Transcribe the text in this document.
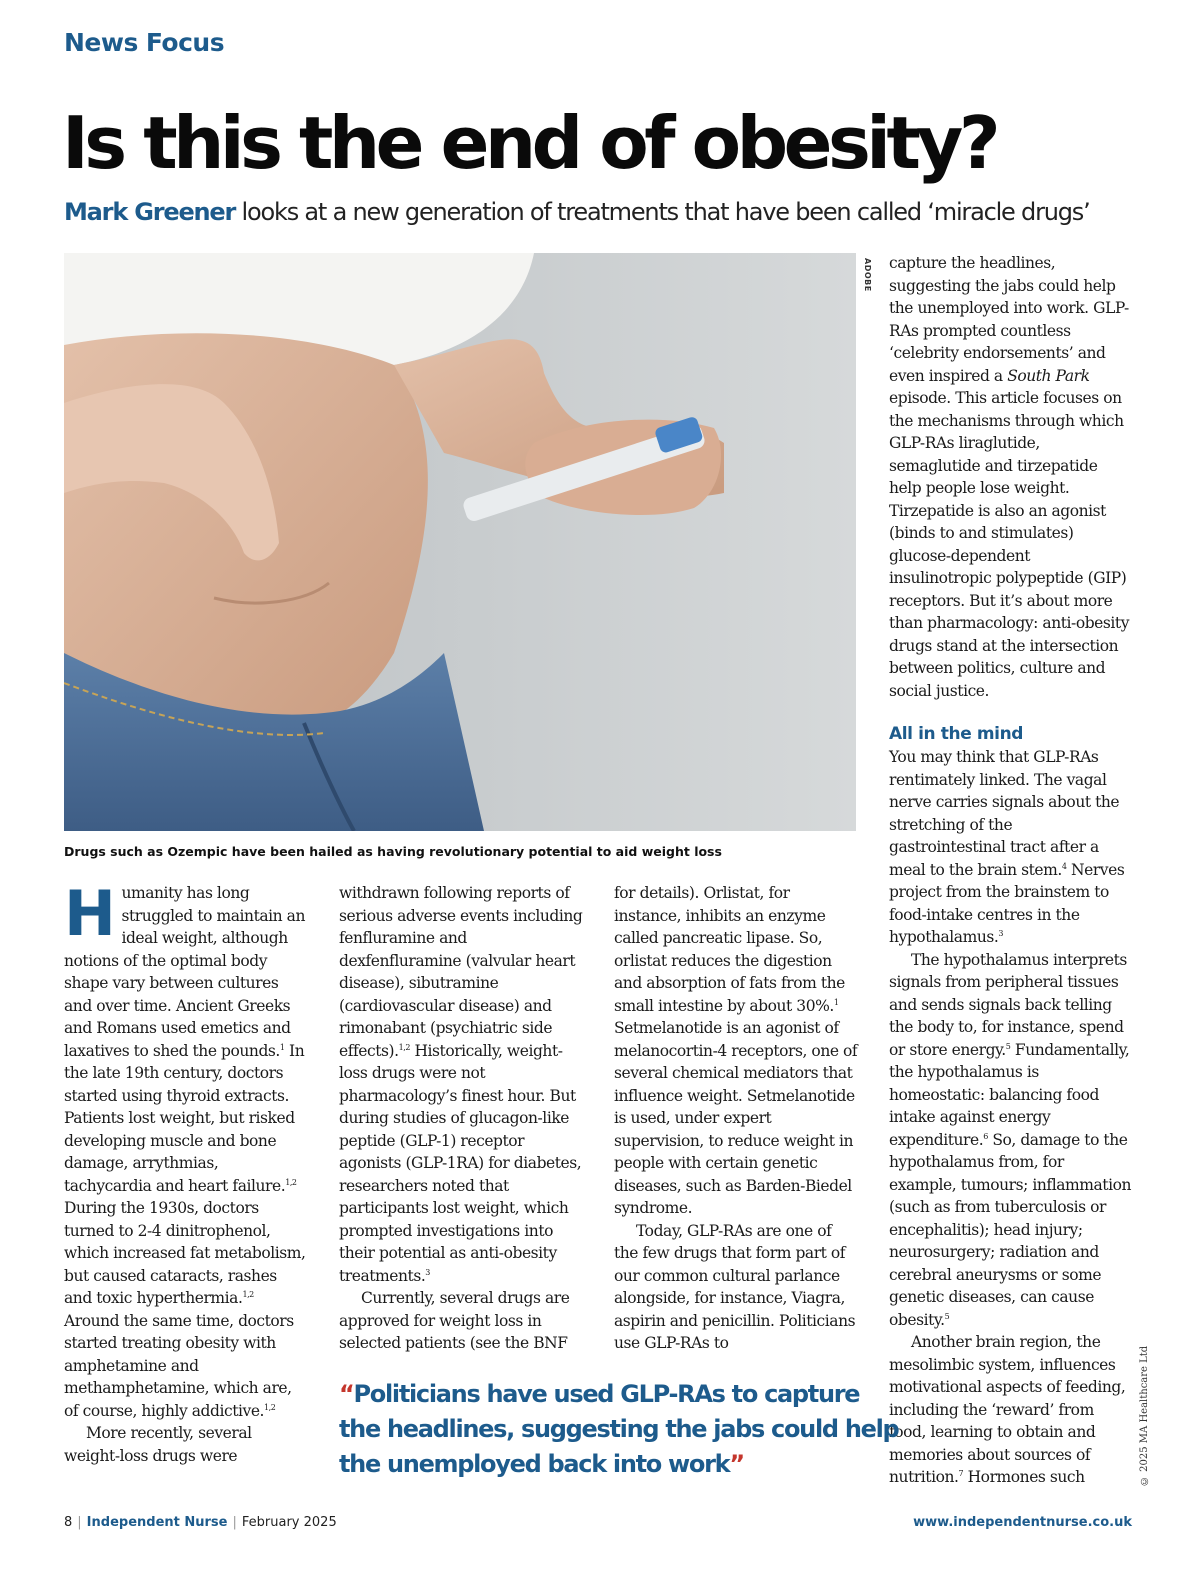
News Focus
Is this the end of obesity?

Mark Greener looks at a new generation of treatments that have been called ‘miracle drugs’

ADOBE
Drugs such as Ozempic have been hailed as having revolutionary potential to aid weight loss

Humanity has long struggled to maintain an ideal weight, although notions of the optimal body shape vary between cultures and over time. Ancient Greeks and Romans used emetics and laxatives to shed the pounds.$^1$ In the late 19th century, doctors started using thyroid extracts. Patients lost weight, but risked developing muscle and bone damage, arrythmias, tachycardia and heart failure.$^{1,2}$ During the 1930s, doctors turned to 2-4 dinitrophenol, which increased fat metabolism, but caused cataracts, rashes and toxic hyperthermia.$^{1,2}$ Around the same time, doctors started treating obesity with amphetamine and methamphetamine, which are, of course, highly addictive.$^{1,2}$

More recently, several weight-loss drugs were

withdrawn following reports of serious adverse events including fenfluramine and dexfenfluramine (valvular heart disease), sibutramine (cardiovascular disease) and rimonabant (psychiatric side effects).$^{1,2}$ Historically, weight-loss drugs were not pharmacology’s finest hour. But during studies of glucagon-like peptide (GLP-1) receptor agonists (GLP-1RA) for diabetes, researchers noted that participants lost weight, which prompted investigations into their potential as anti-obesity treatments.$^3$

Currently, several drugs are approved for weight loss in selected patients (see the BNF

for details). Orlistat, for instance, inhibits an enzyme called pancreatic lipase. So, orlistat reduces the digestion and absorption of fats from the small intestine by about 30%.$^1$ Setmelanotide is an agonist of melanocortin-4 receptors, one of several chemical mediators that influence weight. Setmelanotide is used, under expert supervision, to reduce weight in people with certain genetic diseases, such as Barden-Biedel syndrome.

Today, GLP-RAs are one of the few drugs that form part of our common cultural parlance alongside, for instance, Viagra, aspirin and penicillin. Politicians use GLP-RAs to

capture the headlines, suggesting the jabs could help the unemployed into work. GLP-RAs prompted countless ‘celebrity endorsements’ and even inspired a South Park episode. This article focuses on the mechanisms through which GLP-RAs liraglutide, semaglutide and tirzepatide help people lose weight. Tirzepatide is also an agonist (binds to and stimulates) glucose-dependent insulinotropic polypeptide (GIP) receptors. But it’s about more than pharmacology: anti-obesity drugs stand at the intersection between politics, culture and social justice.

All in the mind

You may think that GLP-RAs rentimately linked. The vagal nerve carries signals about the stretching of the gastrointestinal tract after a meal to the brain stem.$^4$ Nerves project from the brainstem to food-intake centres in the hypothalamus.$^3$

The hypothalamus interprets signals from peripheral tissues and sends signals back telling the body to, for instance, spend or store energy.$^5$ Fundamentally, the hypothalamus is homeostatic: balancing food intake against energy expenditure.$^6$ So, damage to the hypothalamus from, for example, tumours; inflammation (such as from tuberculosis or encephalitis); head injury; neurosurgery; radiation and cerebral aneurysms or some genetic diseases, can cause obesity.$^5$

Another brain region, the mesolimbic system, influences motivational aspects of feeding, including the ‘reward’ from food, learning to obtain and memories about sources of nutrition.$^7$ Hormones such

“Politicians have used GLP-RAs to capture the headlines, suggesting the jabs could help the unemployed back into work”	© 2025 MA Healthcare Ltd
8 | Independent Nurse | February 2025	www.independentnurse.co.uk
